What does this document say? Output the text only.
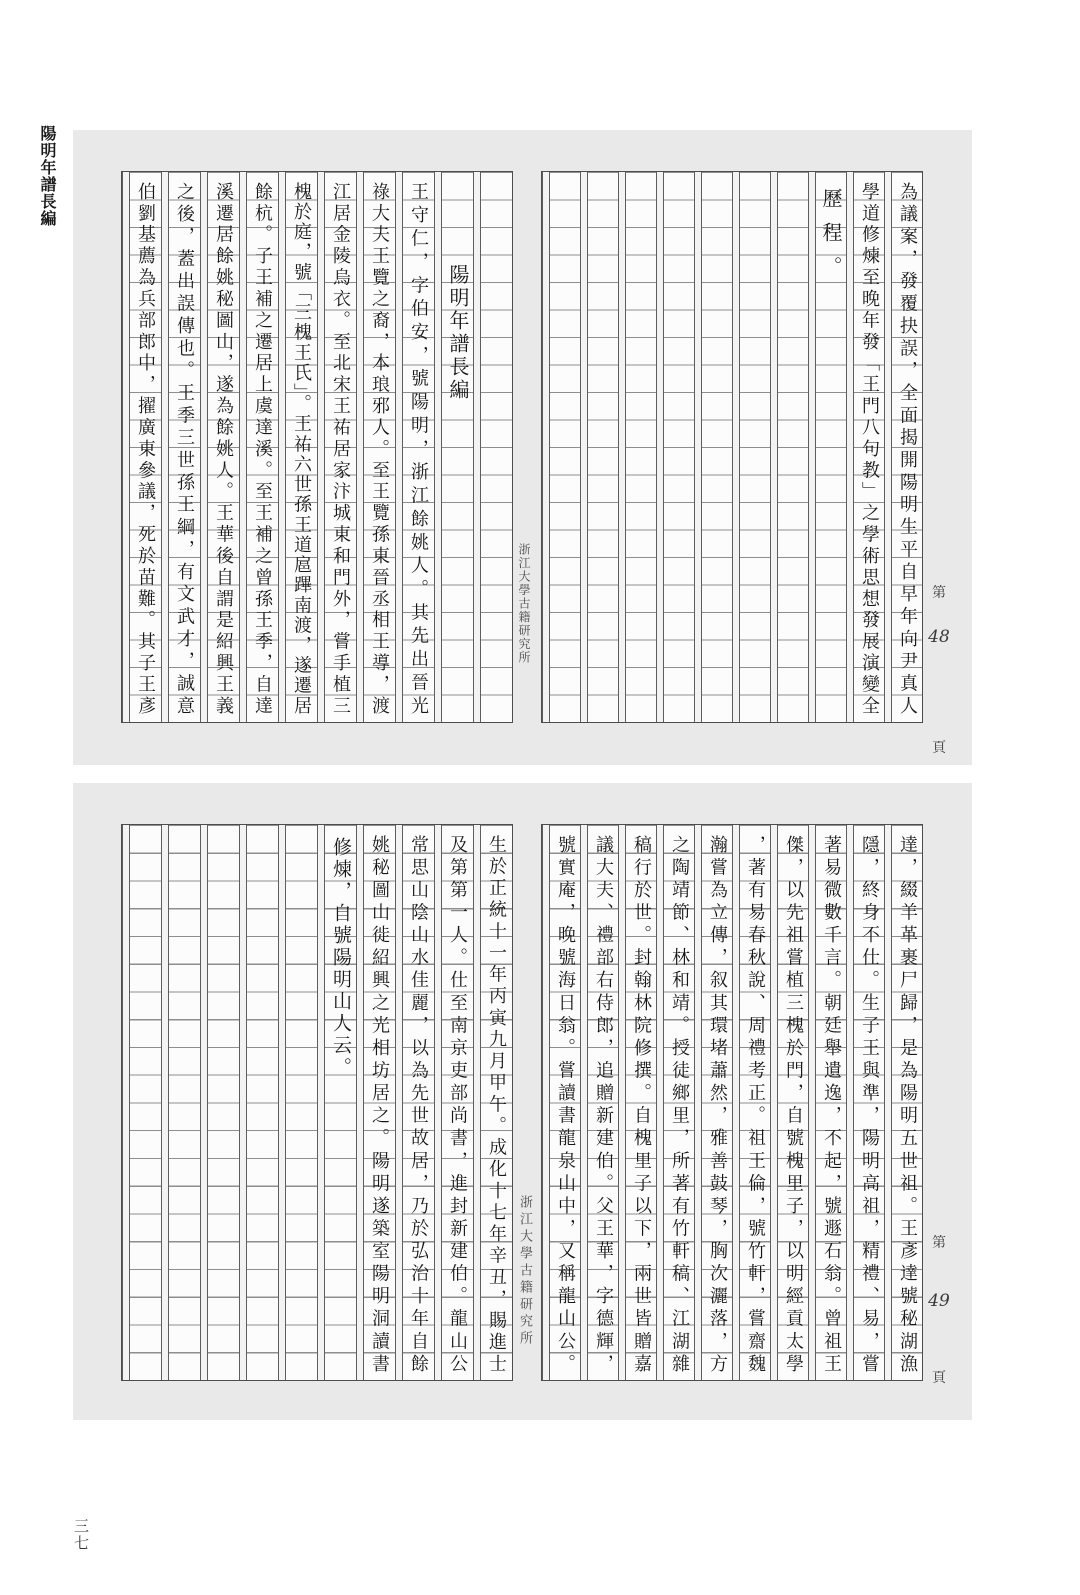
陽明年譜長編
陽明年譜長編
王守仁，字伯安，號陽明，浙江餘姚人。其先出晉光
祿大夫王覽之裔，本琅邪人。至王覽孫東晉丞相王導，渡
江居金陵烏衣。至北宋王祐居家汴城東和門外，嘗手植三
槐於庭，號「三槐王氏」。王祐六世孫王道扈蹕南渡，遂遷居
餘杭。子王補之遷居上虞達溪。至王補之曾孫王季，自達
溪遷居餘姚秘圖山，遂為餘姚人。王華後自謂是紹興王義
之後，蓋出誤傳也。王季三世孫王綱，有文武才，誠意
伯劉基薦為兵部郎中，擢廣東參議，死於苗難。其子王彥	為議案，發覆抉誤，全面揭開陽明生平自早年向尹真人
學道修煉至晚年發「王門八句教」之學術思想發展演變全
歷程。
浙江大學古籍研究所	第
48
頁
生於正統十一年丙寅九月甲午。成化十七年辛丑，賜進士
及第第一人。仕至南京吏部尚書，進封新建伯。龍山公
常思山陰山水佳麗，以為先世故居，乃於弘治十年自餘
姚秘圖山徙紹興之光相坊居之。陽明遂築室陽明洞讀書
修煉，自號陽明山人云。	達，綴羊革裹尸歸，是為陽明五世祖。王彥達號秘湖漁
隱，終身不仕。生子王與準，陽明高祖，精禮、易，嘗
著易微數千言。朝廷舉遺逸，不起，號遯石翁。曾祖王
傑，以先祖嘗植三槐於門，自號槐里子，以明經貢太學
，著有易春秋說、周禮考正。祖王倫，號竹軒，嘗齋魏
瀚嘗為立傳，叙其環堵蕭然，雅善鼓琴，胸次灑落，方
之陶靖節、林和靖。授徒鄉里，所著有竹軒稿、江湖雜
稿行於世。封翰林院修撰。自槐里子以下，兩世皆贈嘉
議大夫、禮部右侍郎，追贈新建伯。父王華，字德輝，
號實庵，晚號海日翁。嘗讀書龍泉山中，又稱龍山公。
浙江大學古籍研究所	第
49
頁
三七
